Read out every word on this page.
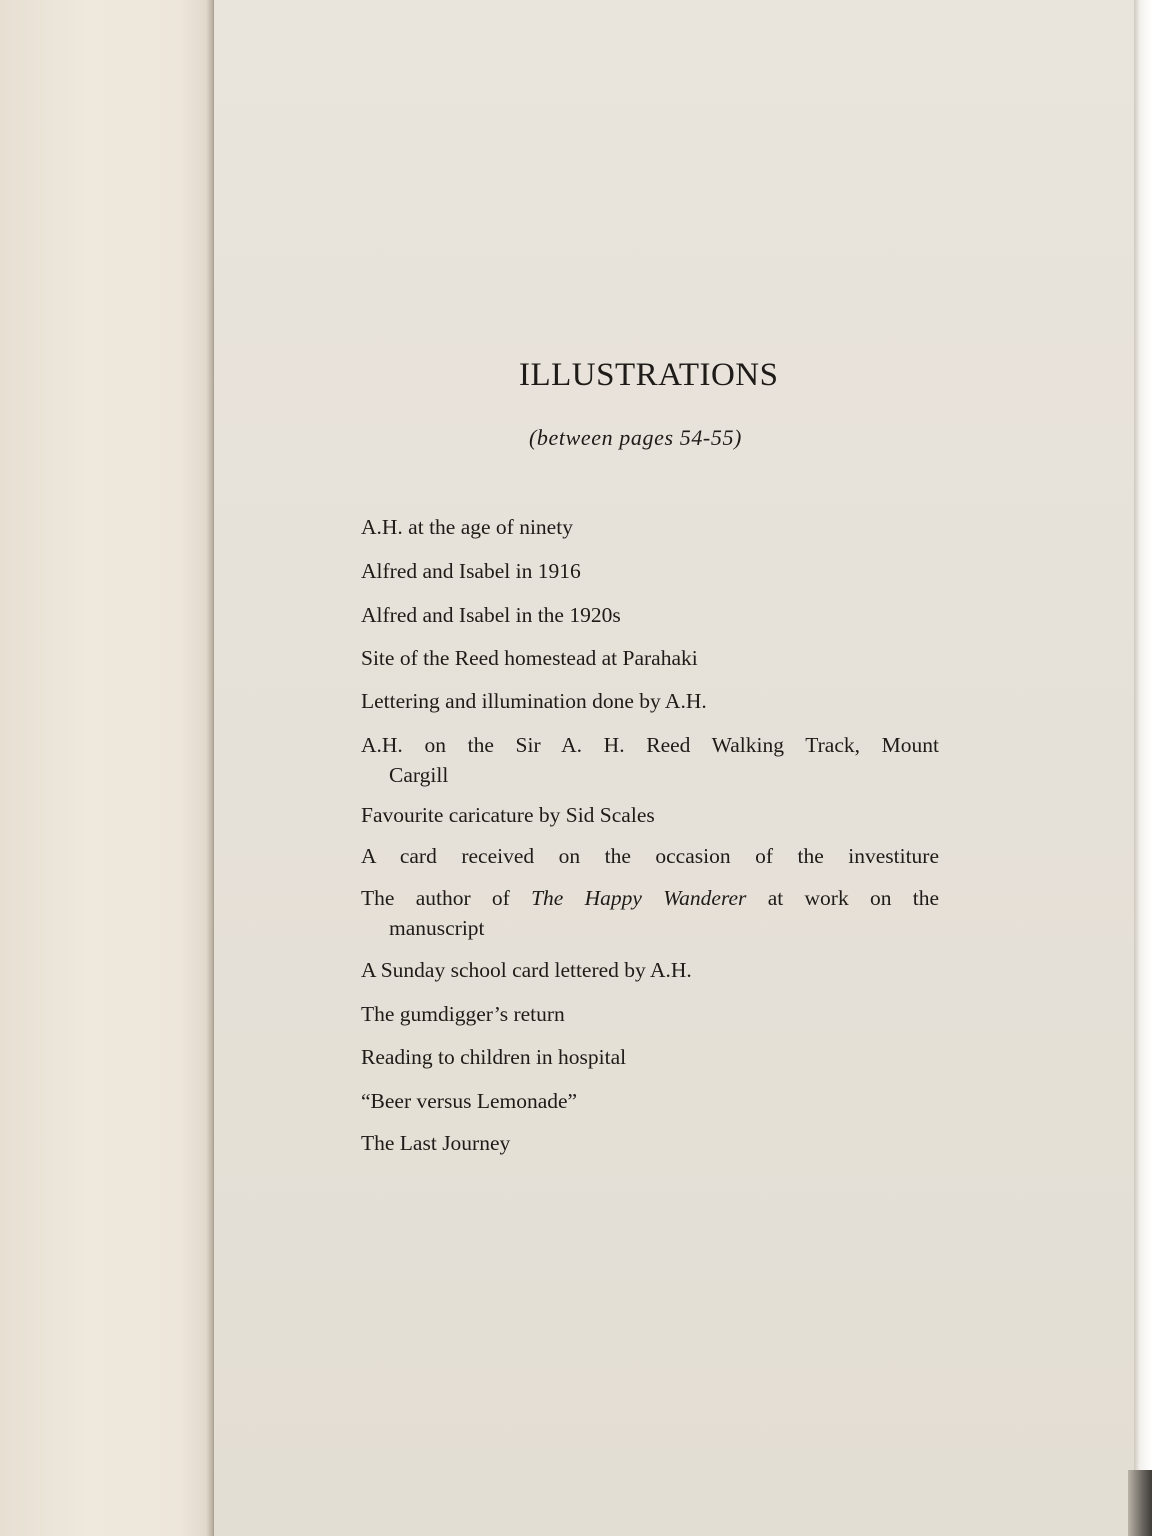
ILLUSTRATIONS
(between pages 54-55)
A.H. at the age of ninety
Alfred and Isabel in 1916
Alfred and Isabel in the 1920s
Site of the Reed homestead at Parahaki
Lettering and illumination done by A.H.
A.H. on the Sir A. H. Reed Walking Track, Mount
Cargill
Favourite caricature by Sid Scales
A card received on the occasion of the investiture
The author of The Happy Wanderer at work on the
manuscript
A Sunday school card lettered by A.H.
The gumdigger’s return
Reading to children in hospital
“Beer versus Lemonade”
The Last Journey
